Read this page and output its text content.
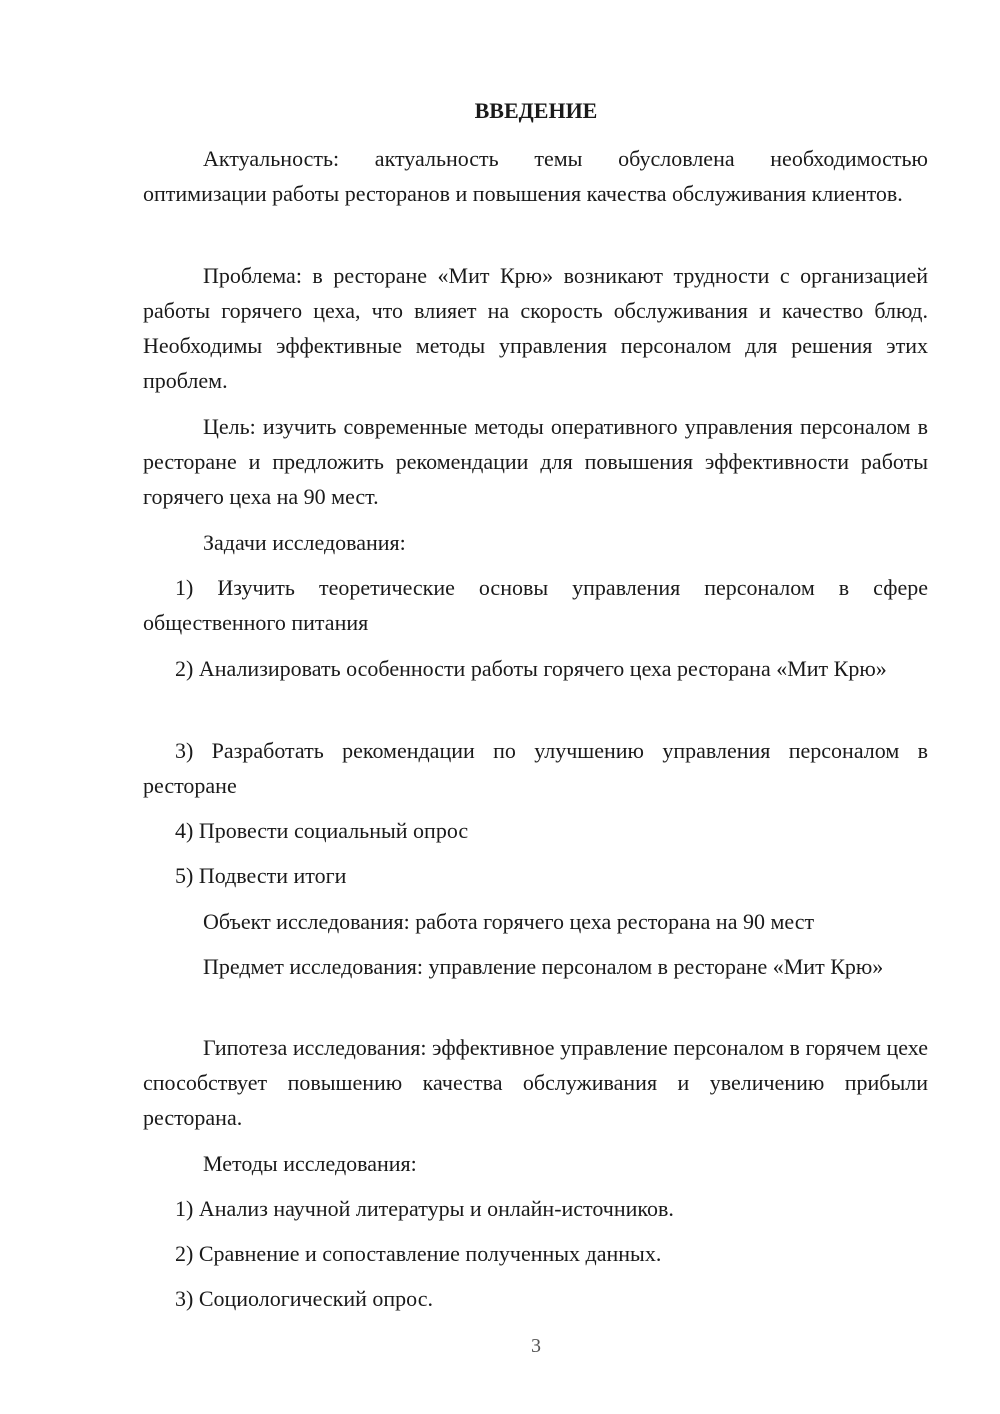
ВВЕДЕНИЕ

Актуальность: актуальность темы обусловлена необходимостью оптимизации работы ресторанов и повышения качества обслуживания клиентов.

Проблема: в ресторане «Мит Крю» возникают трудности с организацией работы горячего цеха, что влияет на скорость обслуживания и качество блюд. Необходимы эффективные методы управления персоналом для решения этих проблем.

Цель: изучить современные методы оперативного управления персоналом в ресторане и предложить рекомендации для повышения эффективности работы горячего цеха на 90 мест.

Задачи исследования:

1) Изучить теоретические основы управления персоналом в сфере общественного питания

2) Анализировать особенности работы горячего цеха ресторана «Мит Крю»

3) Разработать рекомендации по улучшению управления персоналом в ресторане

4) Провести социальный опрос

5) Подвести итоги

Объект исследования: работа горячего цеха ресторана на 90 мест

Предмет исследования: управление персоналом в ресторане «Мит Крю»

Гипотеза исследования: эффективное управление персоналом в горячем цехе способствует повышению качества обслуживания и увеличению прибыли ресторана.

Методы исследования:

1) Анализ научной литературы и онлайн-источников.

2) Сравнение и сопоставление полученных данных.

3) Социологический опрос.

3
